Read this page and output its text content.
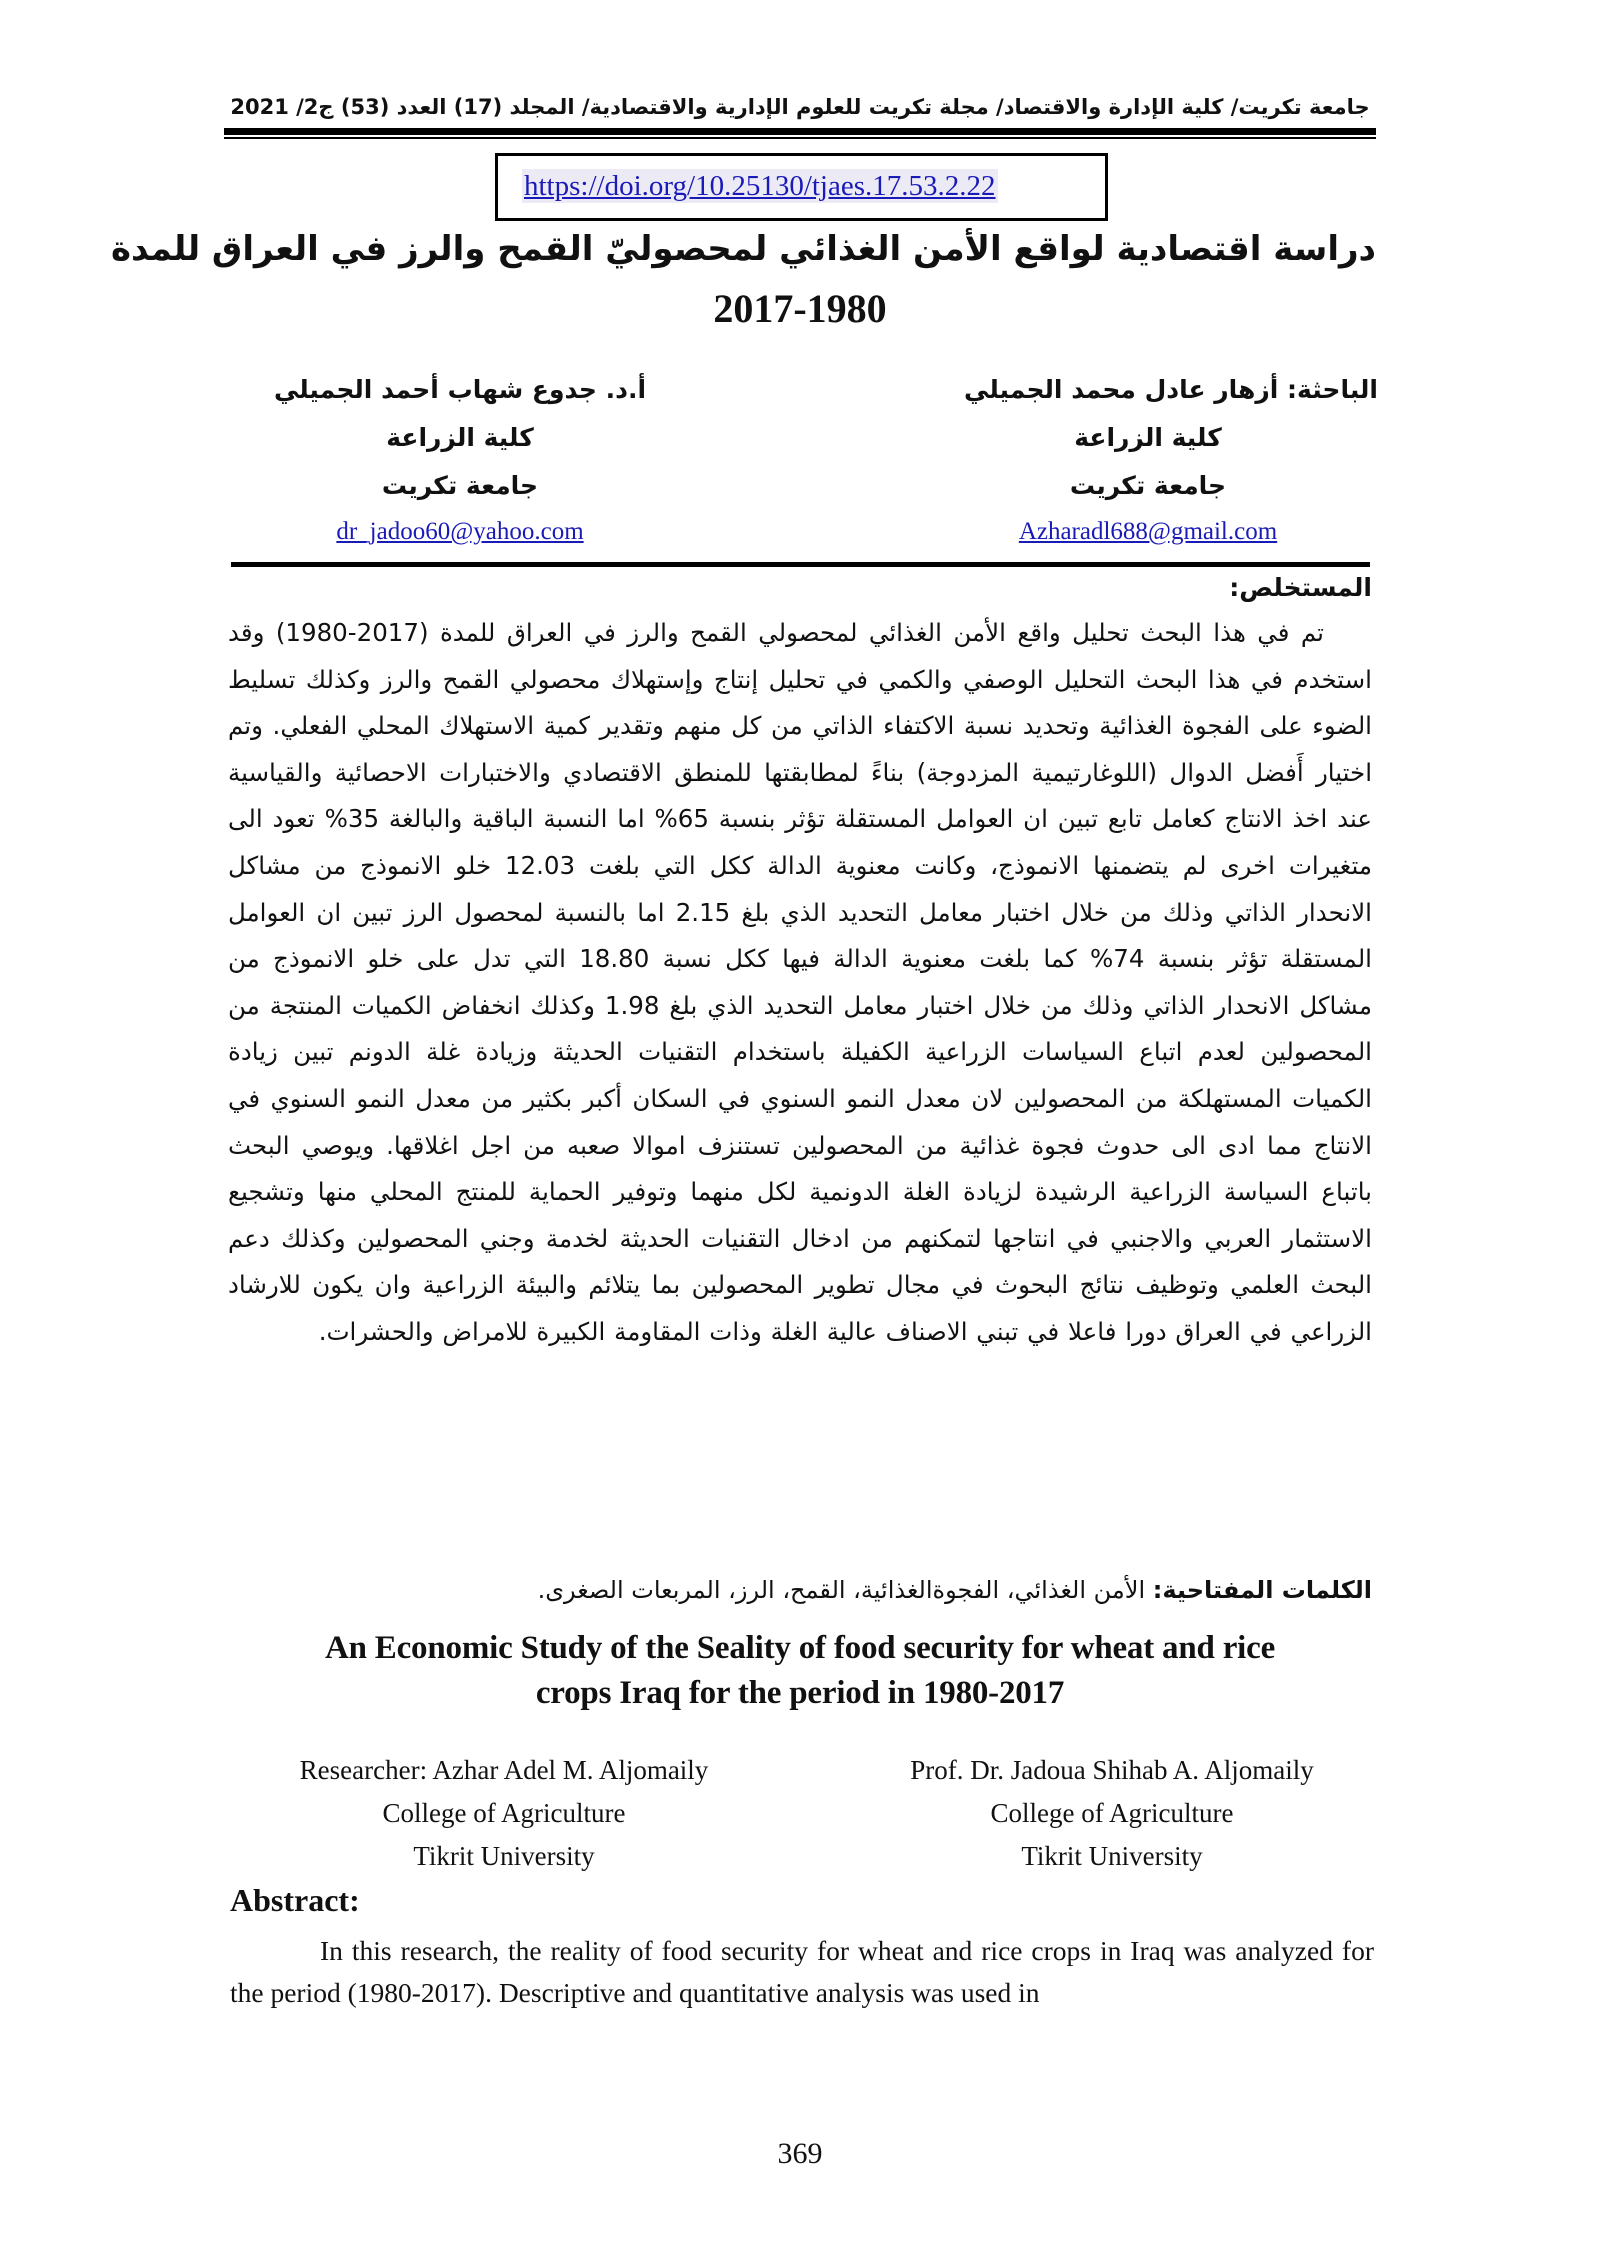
جامعة تكريت/ كلية الإدارة والاقتصاد/ مجلة تكريت للعلوم الإدارية والاقتصادية/ المجلد (17) العدد (53) ج2/ 2021
https://doi.org/10.25130/tjaes.17.53.2.22
دراسة اقتصادية لواقع الأمن الغذائي لمحصوليّ القمح والرز في العراق للمدة
2017-1980
الباحثة: أزهار عادل محمد الجميلي
كلية الزراعة
جامعة تكريت
Azharadl688@gmail.com
أ.د. جدوع شهاب أحمد الجميلي
كلية الزراعة
جامعة تكريت
dr_jadoo60@yahoo.com
المستخلص:
تم في هذا البحث تحليل واقع الأمن الغذائي لمحصولي القمح والرز في العراق للمدة (2017-1980) وقد استخدم في هذا البحث التحليل الوصفي والكمي في تحليل إنتاج وإستهلاك محصولي القمح والرز وكذلك تسليط الضوء على الفجوة الغذائية وتحديد نسبة الاكتفاء الذاتي من كل منهم وتقدير كمية الاستهلاك المحلي الفعلي. وتم اختيار أَفضل الدوال (اللوغارتيمية المزدوجة) بناءً لمطابقتها للمنطق الاقتصادي والاختبارات الاحصائية والقياسية عند اخذ الانتاج كعامل تابع تبين ان العوامل المستقلة تؤثر بنسبة 65% اما النسبة الباقية والبالغة 35% تعود الى متغيرات اخرى لم يتضمنها الانموذج، وكانت معنوية الدالة ككل التي بلغت 12.03 خلو الانموذج من مشاكل الانحدار الذاتي وذلك من خلال اختبار معامل التحديد الذي بلغ 2.15 اما بالنسبة لمحصول الرز تبين ان العوامل المستقلة تؤثر بنسبة 74% كما بلغت معنوية الدالة فيها ككل نسبة 18.80 التي تدل على خلو الانموذج من مشاكل الانحدار الذاتي وذلك من خلال اختبار معامل التحديد الذي بلغ 1.98 وكذلك انخفاض الكميات المنتجة من المحصولين لعدم اتباع السياسات الزراعية الكفيلة باستخدام التقنيات الحديثة وزيادة غلة الدونم تبين زيادة الكميات المستهلكة من المحصولين لان معدل النمو السنوي في السكان أكبر بكثير من معدل النمو السنوي في الانتاج مما ادى الى حدوث فجوة غذائية من المحصولين تستنزف اموالا صعبه من اجل اغلاقها. ويوصي البحث باتباع السياسة الزراعية الرشيدة لزيادة الغلة الدونمية لكل منهما وتوفير الحماية للمنتج المحلي منها وتشجيع الاستثمار العربي والاجنبي في انتاجها لتمكنهم من ادخال التقنيات الحديثة لخدمة وجني المحصولين وكذلك دعم البحث العلمي وتوظيف نتائج البحوث في مجال تطوير المحصولين بما يتلائم والبيئة الزراعية وان يكون للارشاد الزراعي في العراق دورا فاعلا في تبني الاصناف عالية الغلة وذات المقاومة الكبيرة للامراض والحشرات.
الكلمات المفتاحية: الأمن الغذائي، الفجوةالغذائية، القمح، الرز، المربعات الصغرى.
An Economic Study of the Seality of food security for wheat and rice
crops Iraq for the period in 1980-2017
Researcher: Azhar Adel M. Aljomaily
College of Agriculture
Tikrit University
Prof. Dr. Jadoua Shihab A. Aljomaily
College of Agriculture
Tikrit University
Abstract:
In this research, the reality of food security for wheat and rice crops in Iraq was analyzed for the period (1980-2017). Descriptive and quantitative analysis was used in
369
